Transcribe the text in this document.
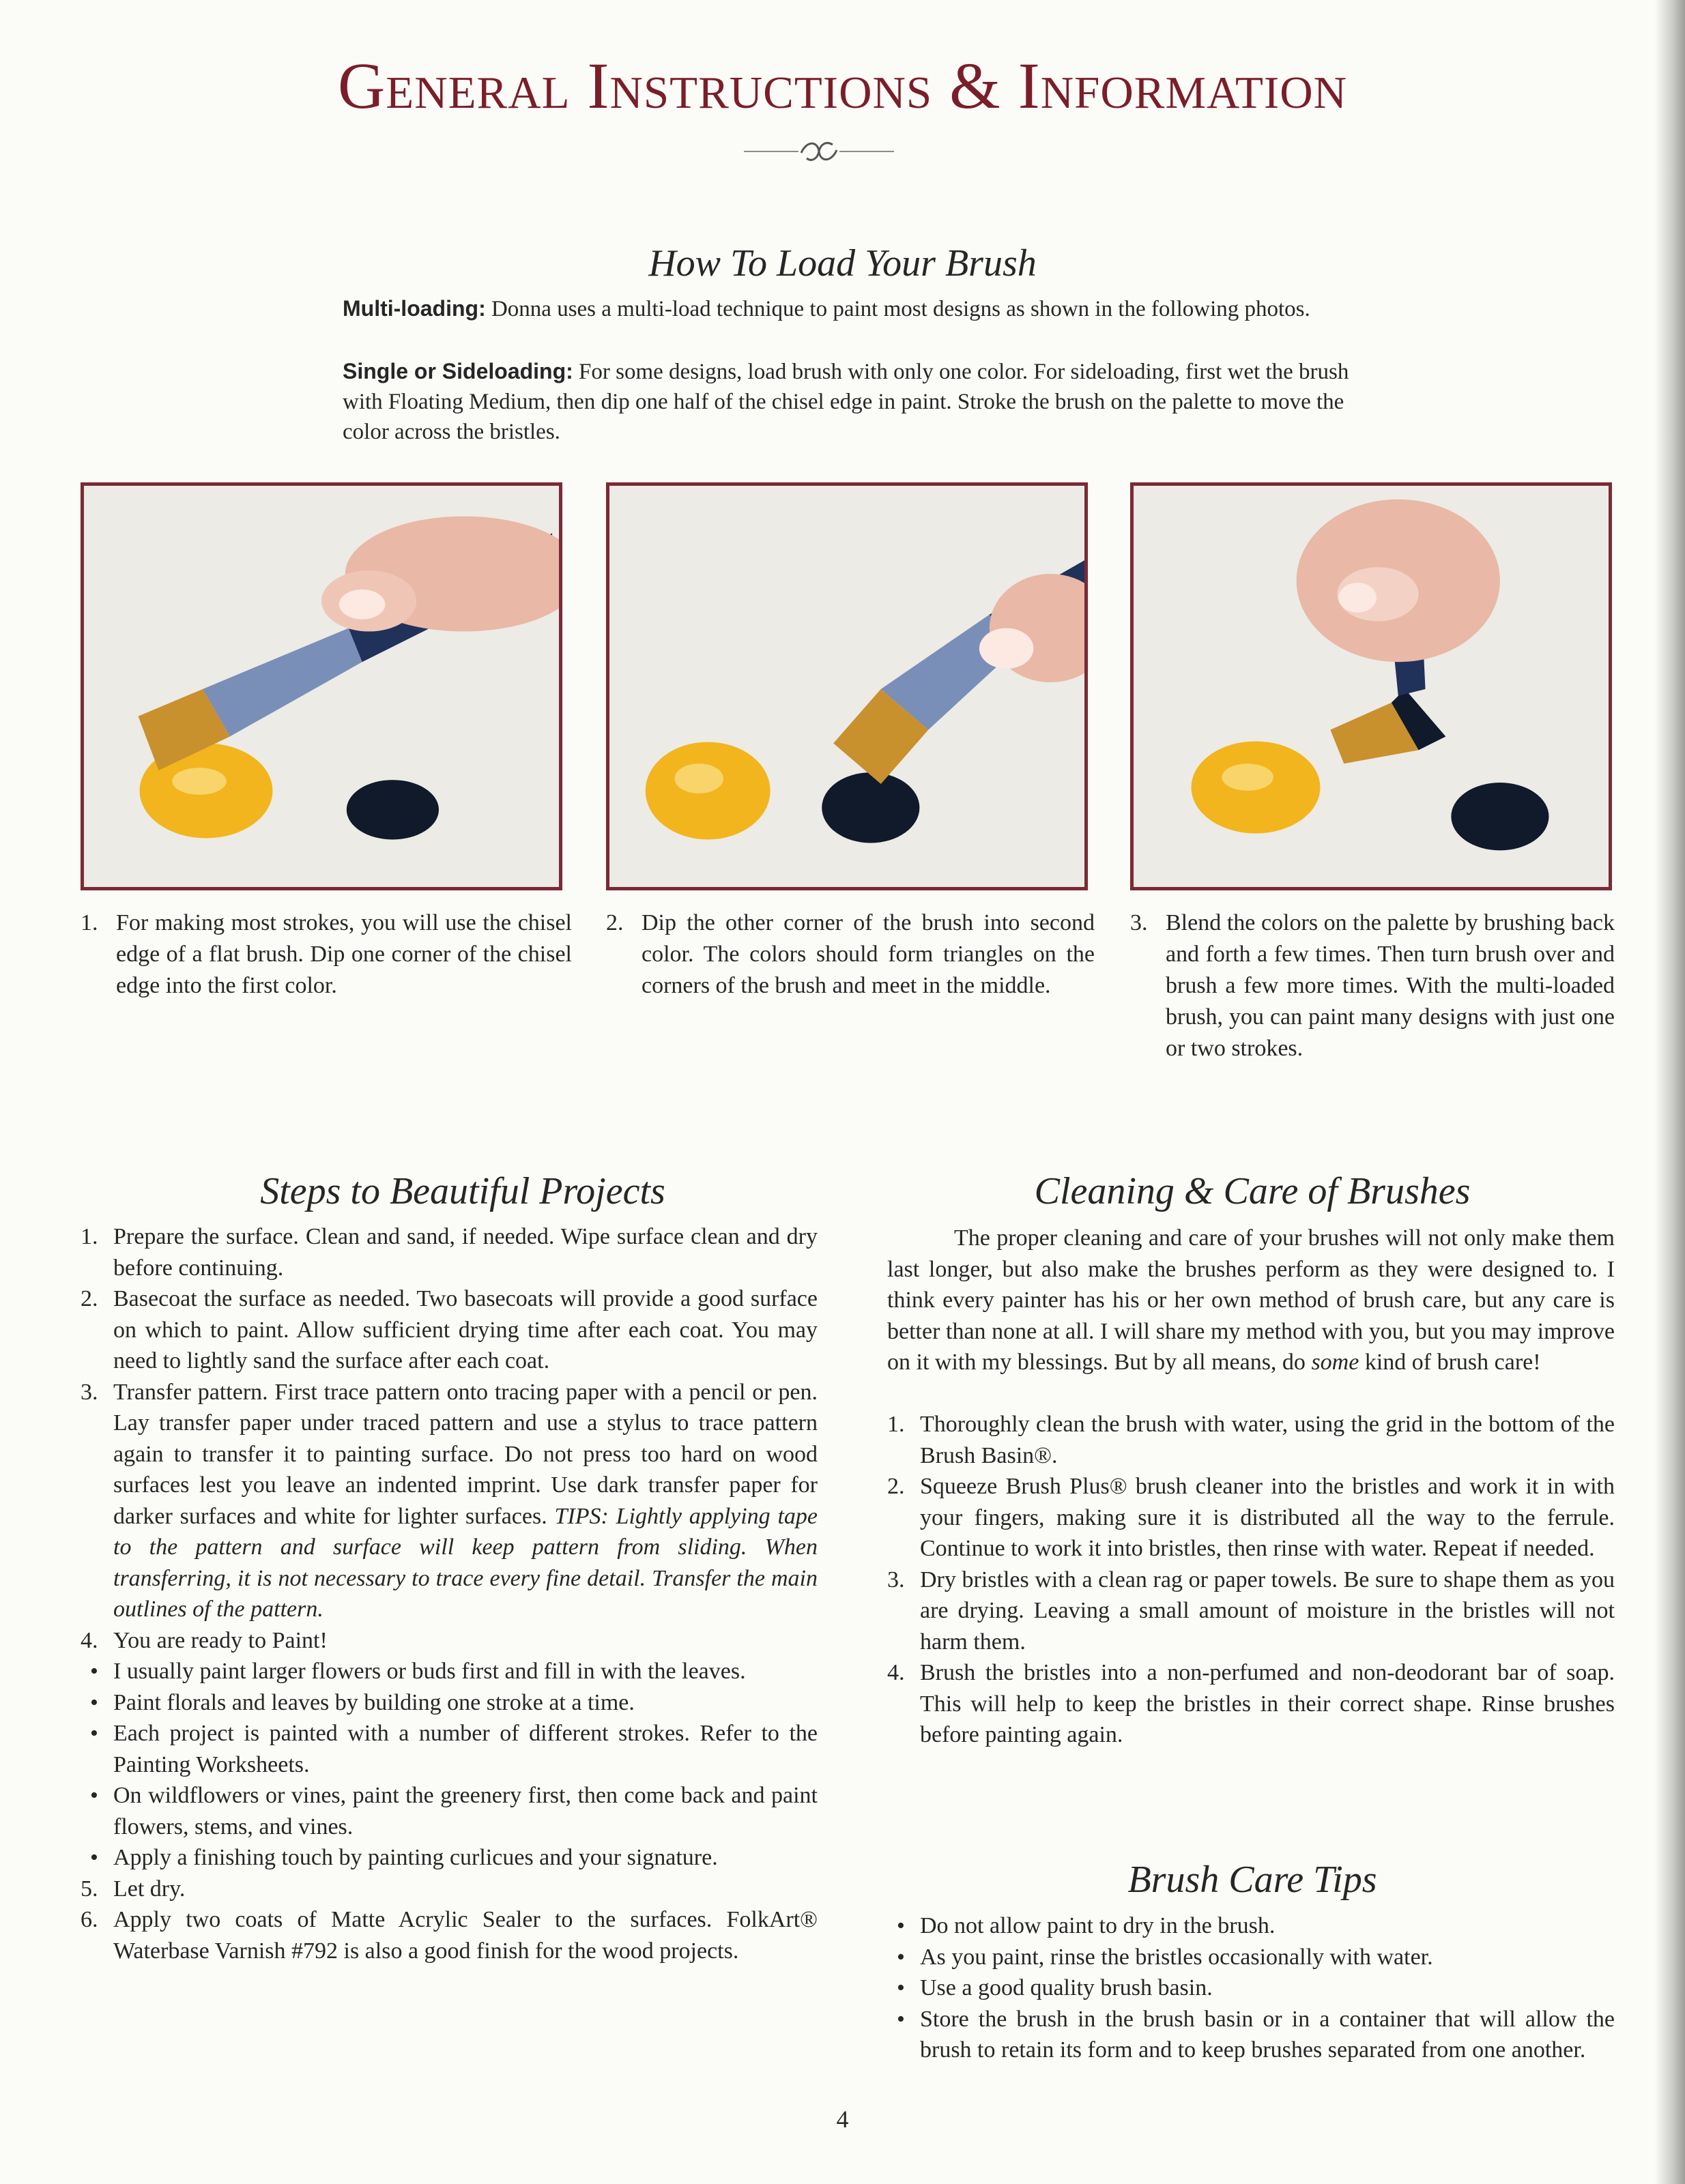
General Instructions & Information
How To Load Your Brush

Multi-loading: Donna uses a multi-load technique to paint most designs as shown in the following photos.

Single or Sideloading: For some designs, load brush with only one color. For sideloading, first wet the brush with Floating Medium, then dip one half of the chisel edge in paint. Stroke the brush on the palette to move the color across the bristles.

1. For making most strokes, you will use the chisel edge of a flat brush. Dip one corner of the chisel edge into the first color.

2. Dip the other corner of the brush into second color. The colors should form triangles on the corners of the brush and meet in the middle.

3. Blend the colors on the palette by brushing back and forth a few times. Then turn brush over and brush a few more times. With the multi-loaded brush, you can paint many designs with just one or two strokes.

Steps to Beautiful Projects
1. Prepare the surface. Clean and sand, if needed. Wipe surface clean and dry before continuing.
2. Basecoat the surface as needed. Two basecoats will provide a good surface on which to paint. Allow sufficient drying time after each coat. You may need to lightly sand the surface after each coat.
3. Transfer pattern. First trace pattern onto tracing paper with a pencil or pen. Lay transfer paper under traced pattern and use a stylus to trace pattern again to transfer it to painting surface. Do not press too hard on wood surfaces lest you leave an indented imprint. Use dark transfer paper for darker surfaces and white for lighter surfaces. TIPS: Lightly applying tape to the pattern and surface will keep pattern from sliding. When transferring, it is not necessary to trace every fine detail. Transfer the main outlines of the pattern.
4. You are ready to Paint!
• I usually paint larger flowers or buds first and fill in with the leaves.
• Paint florals and leaves by building one stroke at a time.
• Each project is painted with a number of different strokes. Refer to the Painting Worksheets.
• On wildflowers or vines, paint the greenery first, then come back and paint flowers, stems, and vines.
• Apply a finishing touch by painting curlicues and your signature.
5. Let dry.
6. Apply two coats of Matte Acrylic Sealer to the surfaces. FolkArt® Waterbase Varnish #792 is also a good finish for the wood projects.
Cleaning & Care of Brushes

The proper cleaning and care of your brushes will not only make them last longer, but also make the brushes perform as they were designed to. I think every painter has his or her own method of brush care, but any care is better than none at all. I will share my method with you, but you may improve on it with my blessings. But by all means, do some kind of brush care!

1. Thoroughly clean the brush with water, using the grid in the bottom of the Brush Basin®.
2. Squeeze Brush Plus® brush cleaner into the bristles and work it in with your fingers, making sure it is distributed all the way to the ferrule. Continue to work it into bristles, then rinse with water. Repeat if needed.
3. Dry bristles with a clean rag or paper towels. Be sure to shape them as you are drying. Leaving a small amount of moisture in the bristles will not harm them.
4. Brush the bristles into a non-perfumed and non-deodorant bar of soap. This will help to keep the bristles in their correct shape. Rinse brushes before painting again.
Brush Care Tips
• Do not allow paint to dry in the brush.
• As you paint, rinse the bristles occasionally with water.
• Use a good quality brush basin.
• Store the brush in the brush basin or in a container that will allow the brush to retain its form and to keep brushes separated from one another.
4
